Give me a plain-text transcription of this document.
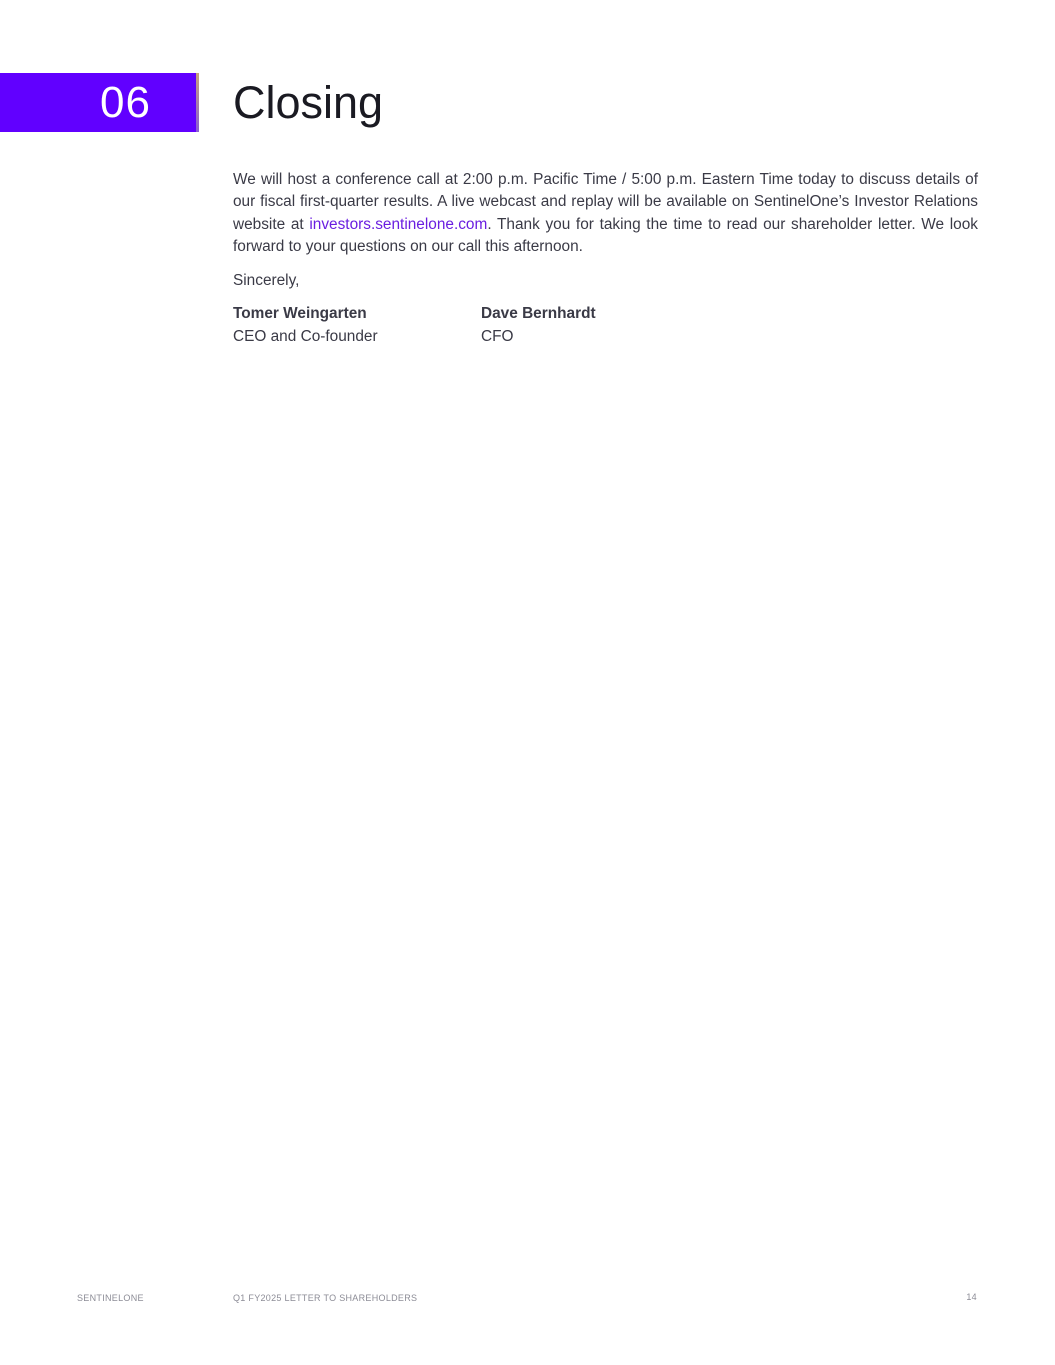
06 Closing

We will host a conference call at 2:00 p.m. Pacific Time / 5:00 p.m. Eastern Time today to discuss details of our fiscal first-quarter results. A live webcast and replay will be available on SentinelOne’s Investor Relations website at investors.sentinelone.com. Thank you for taking the time to read our shareholder letter. We look forward to your questions on our call this afternoon.

Sincerely,

Tomer Weingarten
CEO and Co-founder
Dave Bernhardt
CFO
SENTINELONE	Q1 FY2025 LETTER TO SHAREHOLDERS	14
